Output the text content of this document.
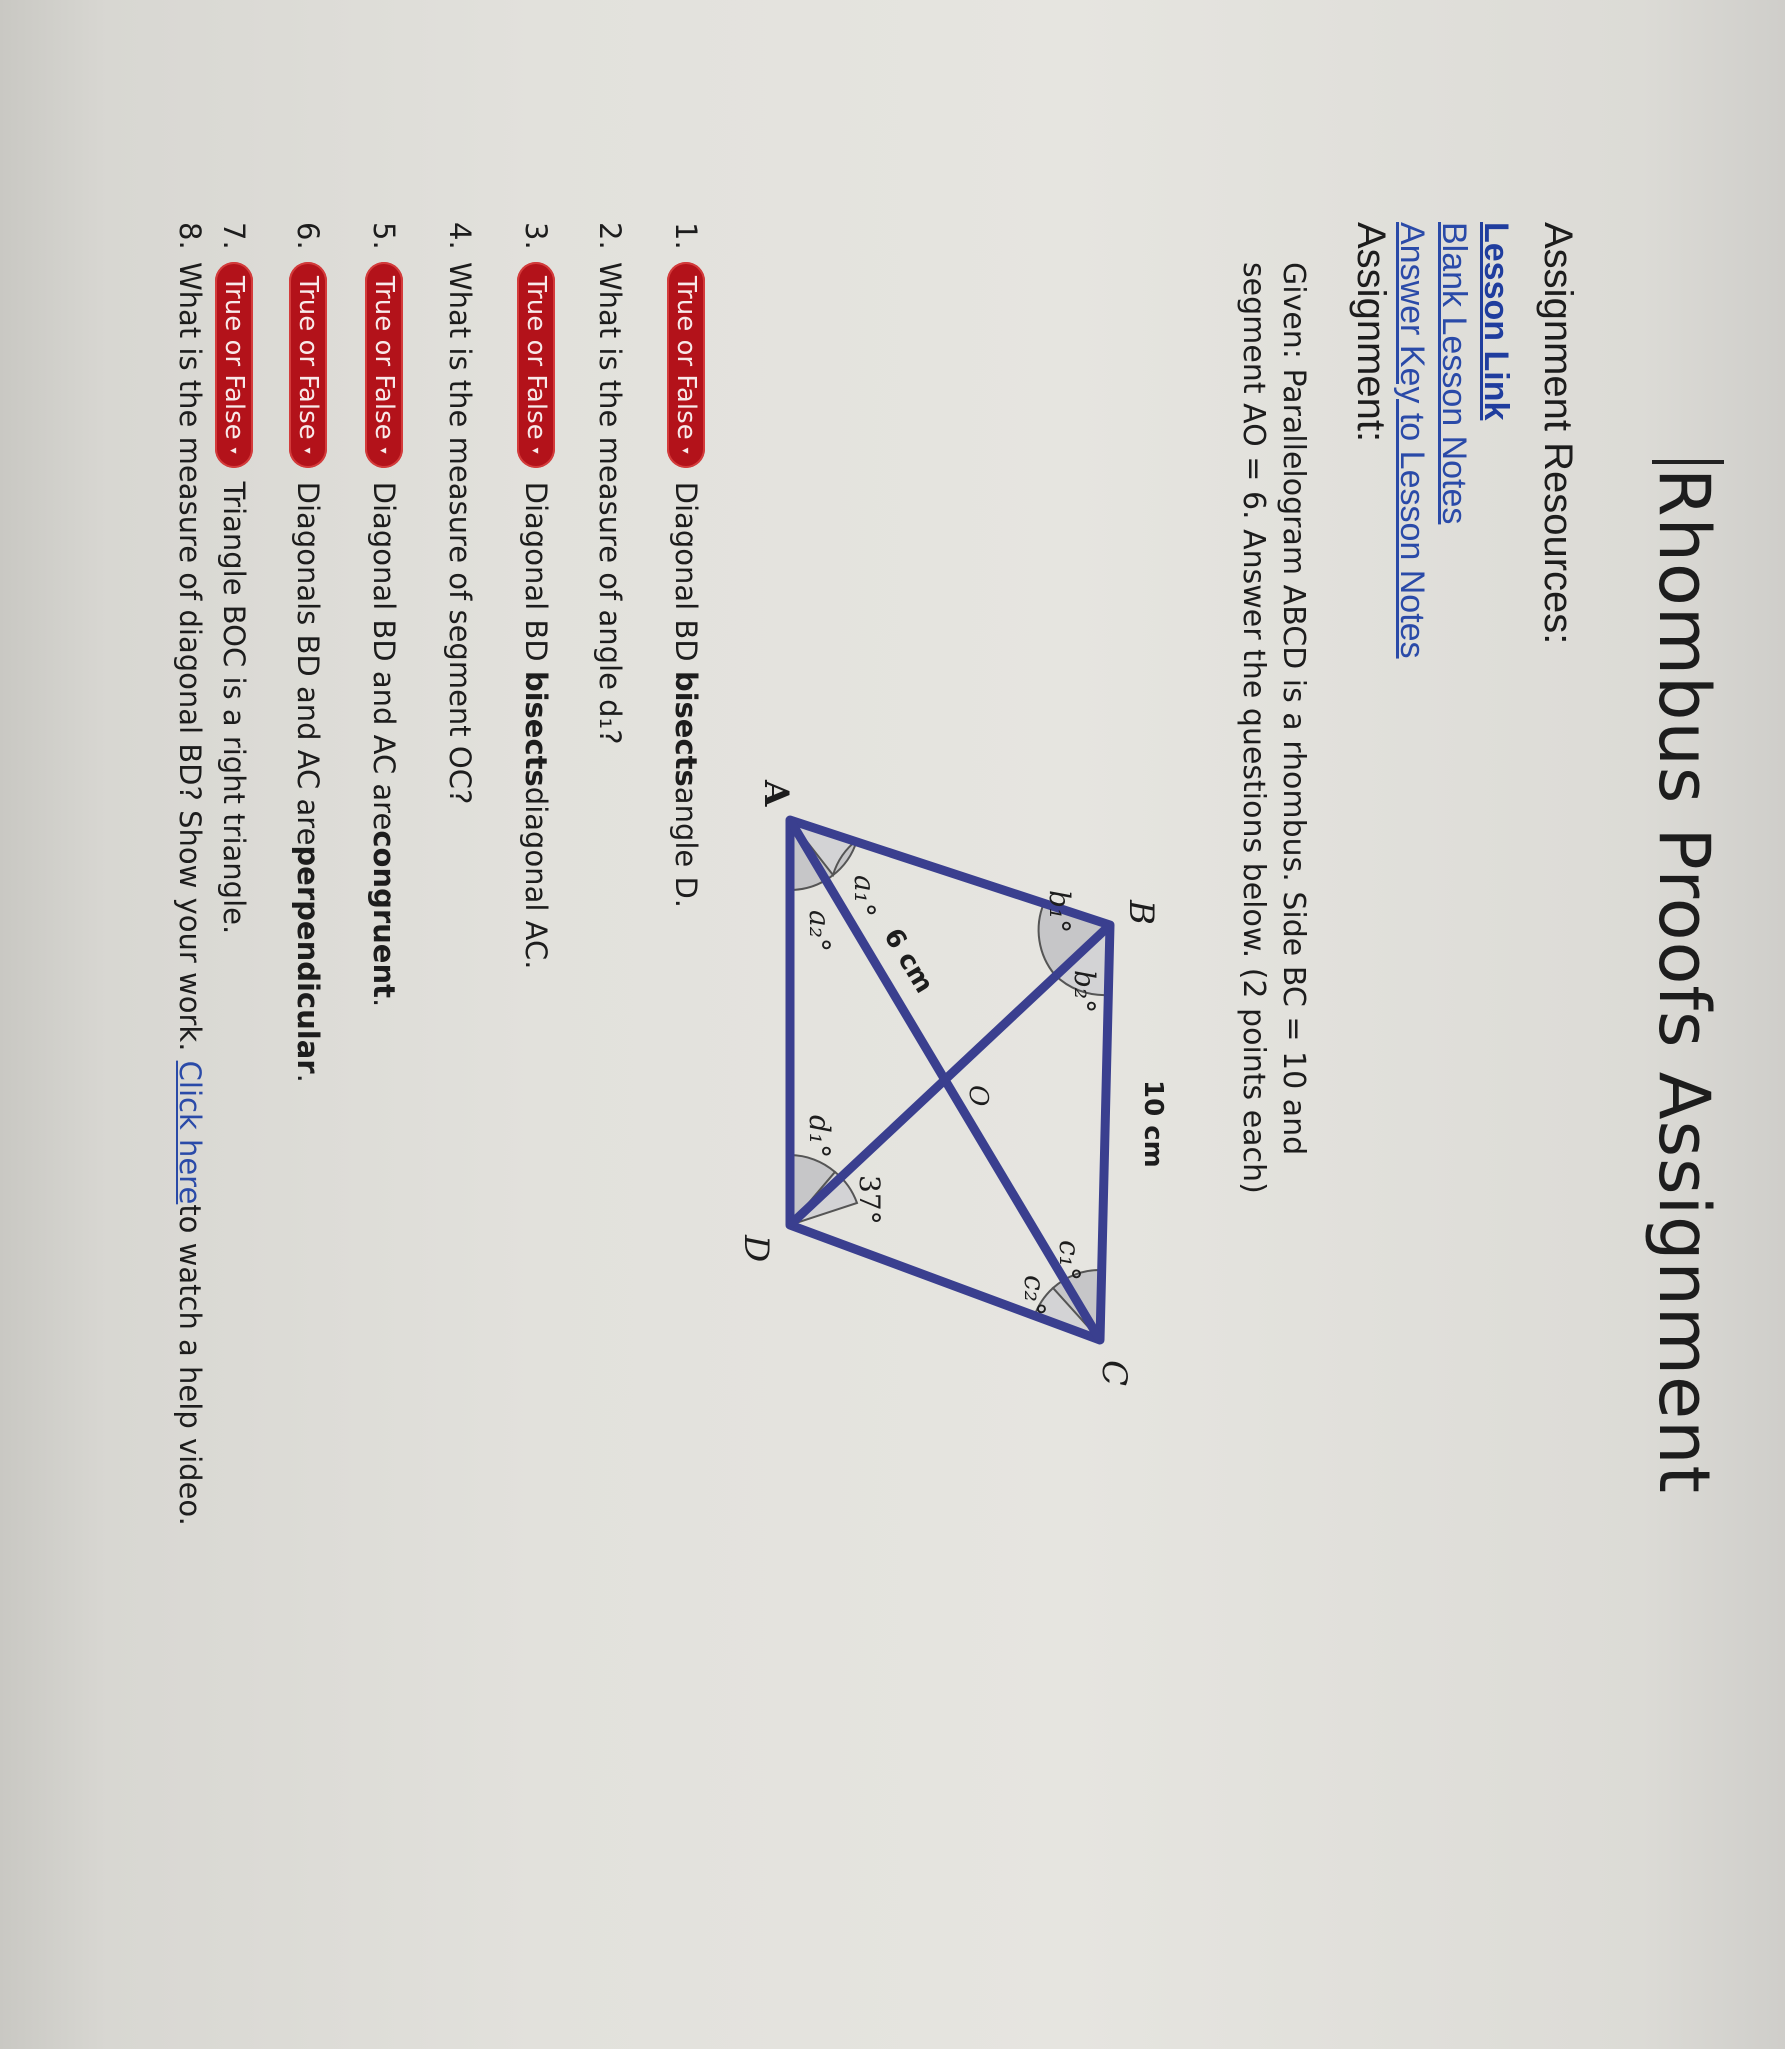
Rhombus Proofs Assignment
Assignment Resources:
Lesson Link
Blank Lesson Notes
Answer Key to Lesson Notes
Assignment:
Given: Parallelogram ABCD is a rhombus. Side BC = 10 and segment AO = 6. Answer the questions below. (2 points each)
A
B
C
D
O	10 cm
6 cm
a₁°
a₂°	b₁°
b₂°
c₁°
c₂°
d₁°
37°
1.
True or False
▾
Diagonal BD

bisects
angle D.
2.
What is the measure of angle d₁?
3.
True or False
▾
Diagonal BD

bisects
diagonal AC.
4.
What is the measure of segment OC?
5.
True or False
▾
Diagonal BD and AC are
congruent
.
6.
True or False
▾
Diagonals BD and AC are
perpendicular
.
7.
True or False
▾
Triangle BOC is a right triangle.
8.
What is the measure of diagonal BD? Show your work.

Click here
to watch a help video.
